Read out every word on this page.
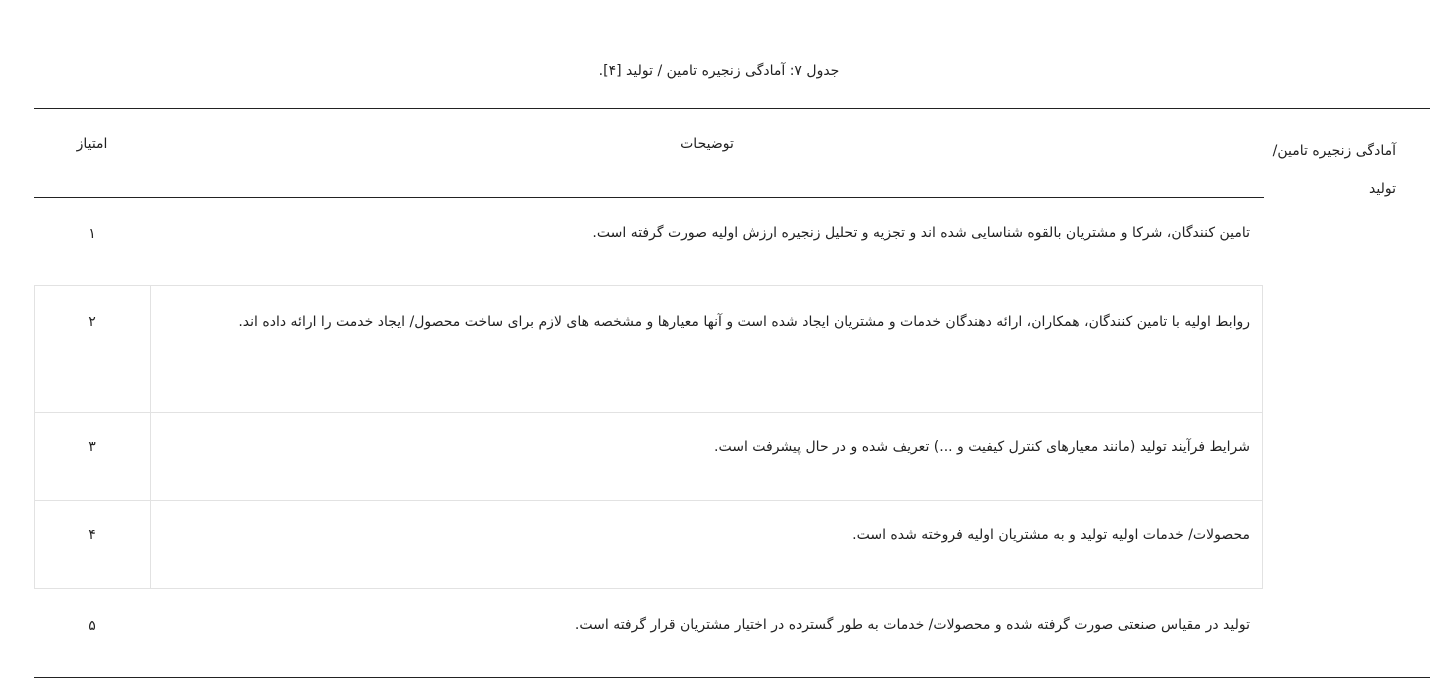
جدول ۷: آمادگی زنجیره تامین / تولید [۴].
امتیاز	توضیحات	آمادگی زنجیره تامین/ تولید
۱	تامین کنندگان، شرکا و مشتریان بالقوه شناسایی شده اند و تجزیه و تحلیل زنجیره ارزش اولیه صورت گرفته است.
۲	روابط اولیه با تامین کنندگان، همکاران، ارائه دهندگان خدمات و مشتریان ایجاد شده است و آنها معیارها و مشخصه های لازم برای ساخت محصول/ ایجاد خدمت را ارائه داده اند.
۳	شرایط فرآیند تولید (مانند معیارهای کنترل کیفیت و ...) تعریف شده و در حال پیشرفت است.
۴	محصولات/ خدمات اولیه تولید و به مشتریان اولیه فروخته شده است.
۵	تولید در مقیاس صنعتی صورت گرفته شده و محصولات/ خدمات به طور گسترده در اختیار مشتریان قرار گرفته است.
